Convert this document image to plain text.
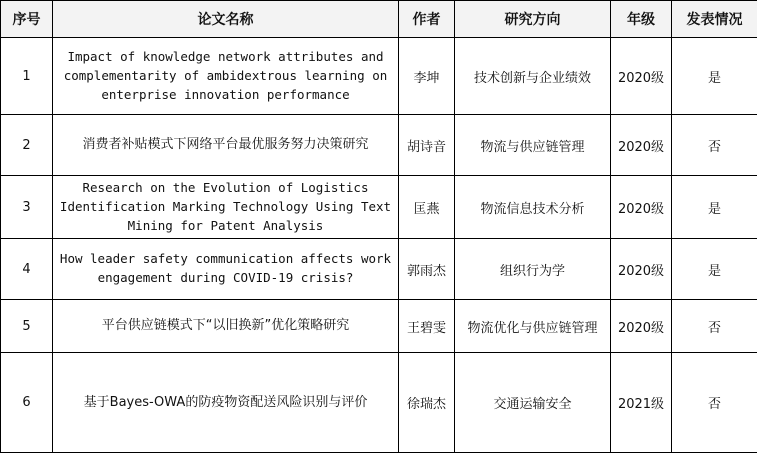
序号	论文名称	作者	研究方向	年级	发表情况
1	Impact of knowledge network attributes and complementarity of ambidextrous learning on enterprise innovation performance	李坤	技术创新与企业绩效	2020级	是
2	消费者补贴模式下网络平台最优服务努力决策研究	胡诗音	物流与供应链管理	2020级	否
3	Research on the Evolution of Logistics Identification Marking Technology Using Text Mining for Patent Analysis	匡燕	物流信息技术分析	2020级	是
4	How leader safety communication affects work engagement during COVID-19 crisis?	郭雨杰	组织行为学	2020级	是
5	平台供应链模式下“以旧换新”优化策略研究	王碧雯	物流优化与供应链管理	2020级	否
6	基于Bayes-OWA的防疫物资配送风险识别与评价	徐瑞杰	交通运输安全	2021级	否
